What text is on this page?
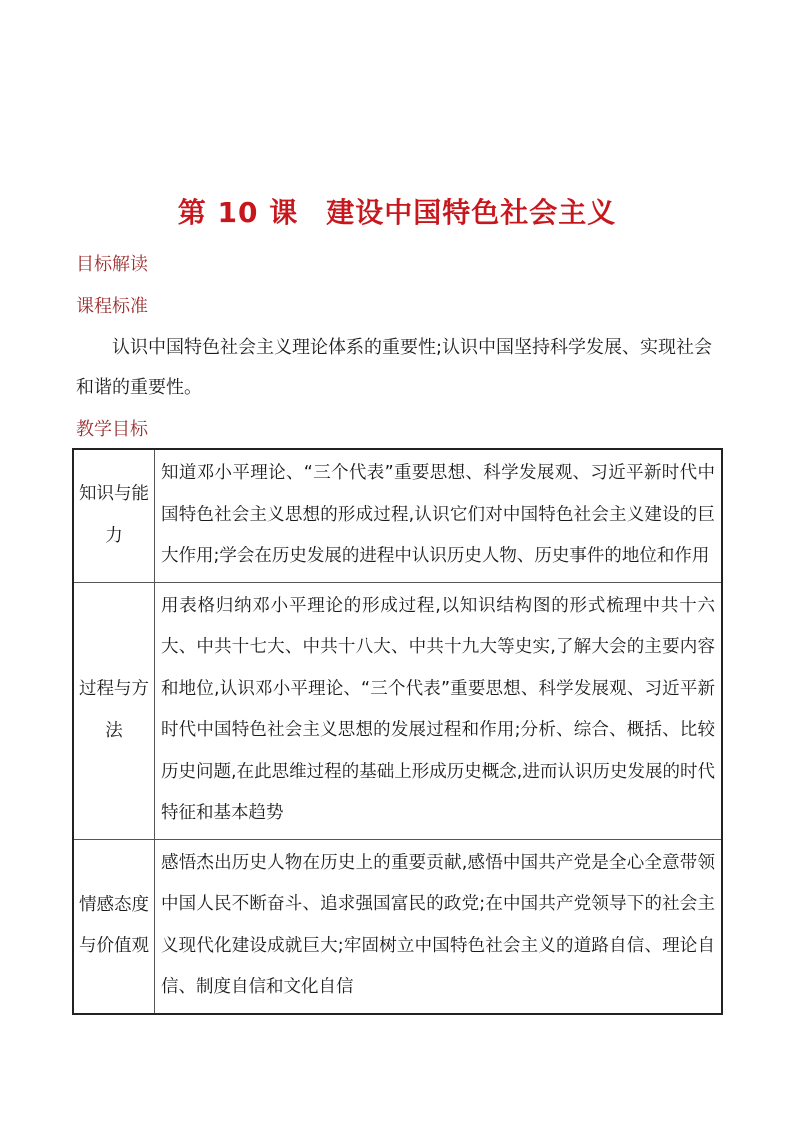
第 10 课 建设中国特色社会主义
目标解读
课程标准

认识中国特色社会主义理论体系的重要性;认识中国坚持科学发展、实现社会和谐的重要性。

教学目标
知识与能力	知道邓小平理论、“三个代表”重要思想、科学发展观、习近平新时代中国特色社会主义思想的形成过程,认识它们对中国特色社会主义建设的巨大作用;学会在历史发展的进程中认识历史人物、历史事件的地位和作用
过程与方法	用表格归纳邓小平理论的形成过程,以知识结构图的形式梳理中共十六大、中共十七大、中共十八大、中共十九大等史实,了解大会的主要内容和地位,认识邓小平理论、“三个代表”重要思想、科学发展观、习近平新时代中国特色社会主义思想的发展过程和作用;分析、综合、概括、比较历史问题,在此思维过程的基础上形成历史概念,进而认识历史发展的时代特征和基本趋势
情感态度与价值观	感悟杰出历史人物在历史上的重要贡献,感悟中国共产党是全心全意带领中国人民不断奋斗、追求强国富民的政党;在中国共产党领导下的社会主义现代化建设成就巨大;牢固树立中国特色社会主义的道路自信、理论自信、制度自信和文化自信
